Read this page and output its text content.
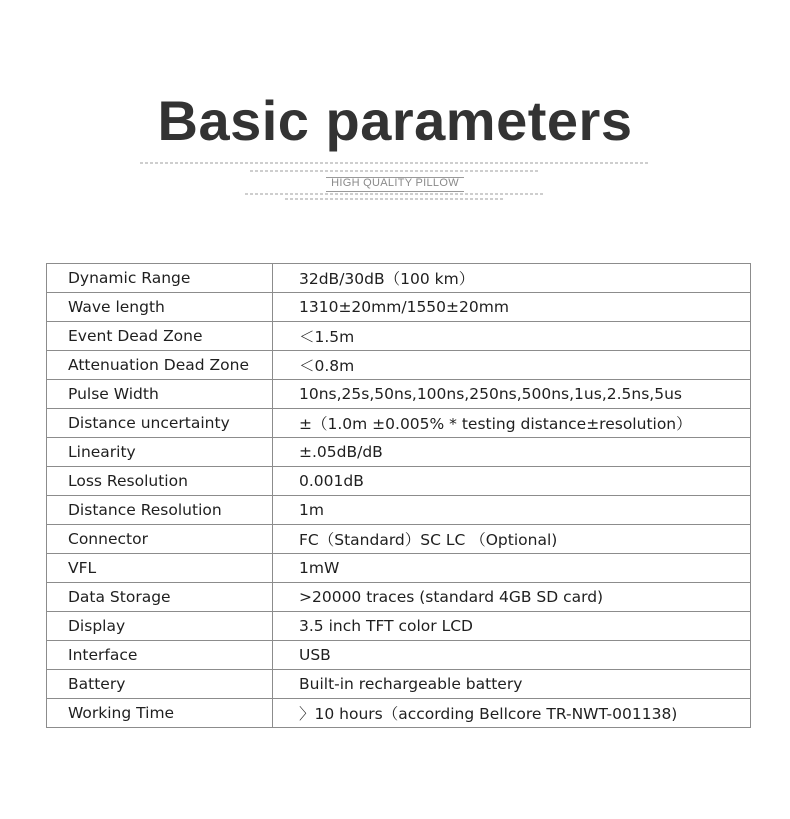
Basic parameters
HIGH QUALITY PILLOW
Dynamic Range	32dB/30dB（100 km）
Wave length	1310±20mm/1550±20mm
Event Dead Zone	＜1.5m
Attenuation Dead Zone	＜0.8m
Pulse Width	10ns,25s,50ns,100ns,250ns,500ns,1us,2.5ns,5us
Distance uncertainty	±（1.0m ±0.005% * testing distance±resolution）
Linearity	±.05dB/dB
Loss Resolution	0.001dB
Distance Resolution	1m
Connector	FC（Standard）SC LC （Optional)
VFL	1mW
Data Storage	>20000 traces (standard 4GB SD card)
Display	3.5 inch TFT color LCD
Interface	USB
Battery	Built-in rechargeable battery
Working Time	〉10 hours（according Bellcore TR-NWT-001138)
